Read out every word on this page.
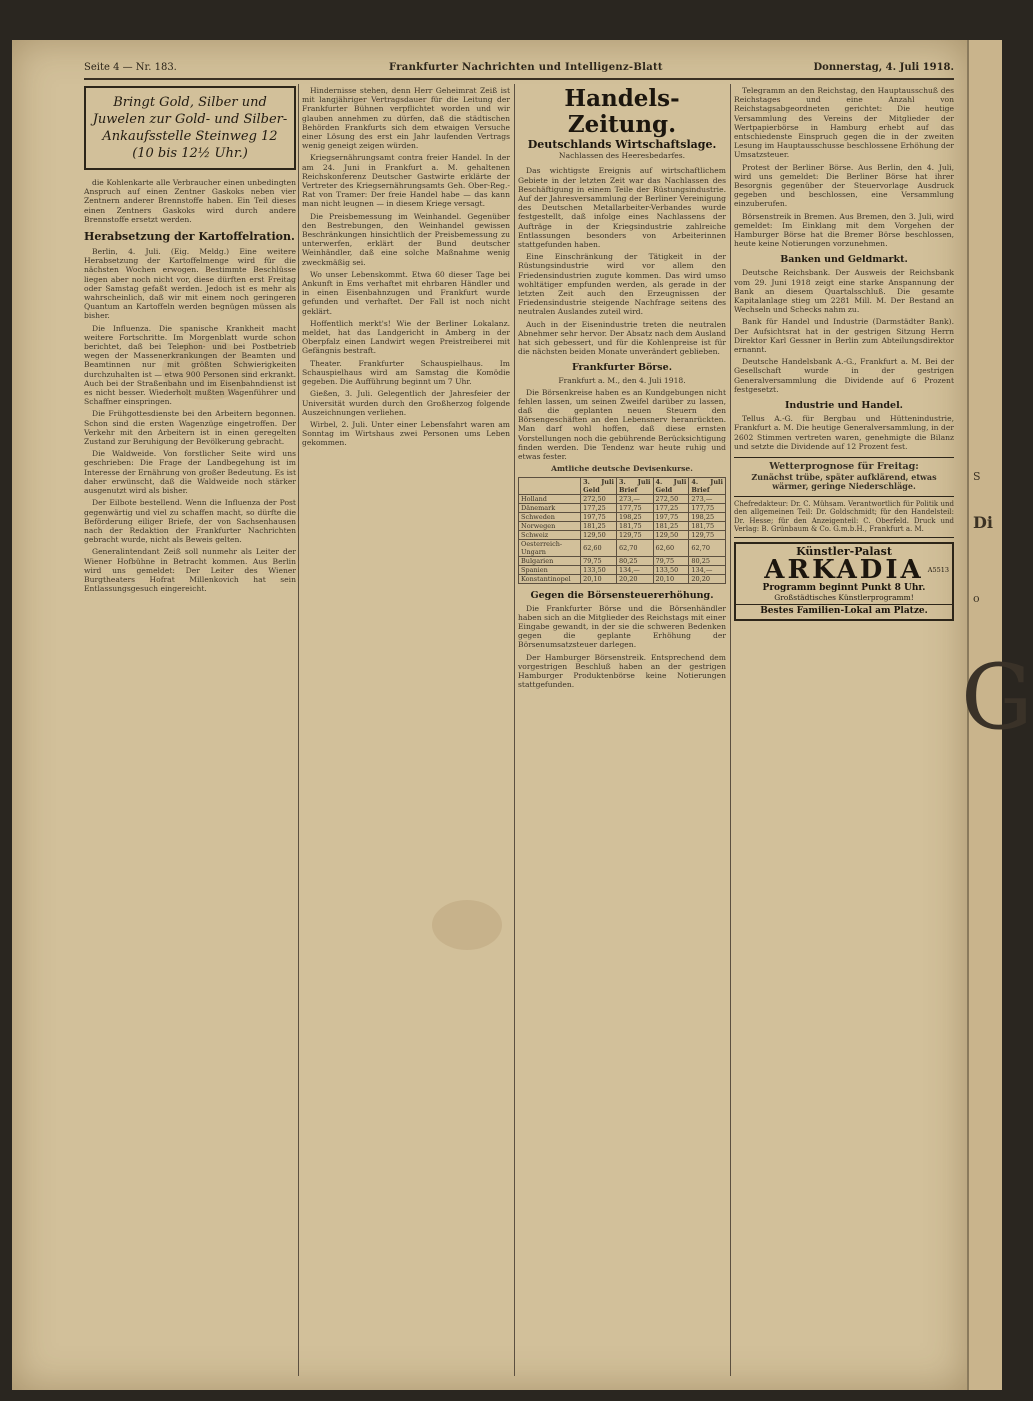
Seite 4 — Nr. 183.	Frankfurter Nachrichten und Intelligenz-Blatt	Donnerstag, 4. Juli 1918.
Bringt Gold, Silber und Juwelen zur Gold- und Silber-Ankaufsstelle Steinweg 12 (10 bis 12½ Uhr.)

die Kohlenkarte alle Verbraucher einen unbedingten Anspruch auf einen Zentner Gaskoks neben vier Zentnern anderer Brennstoffe haben. Ein Teil dieses einen Zentners Gaskoks wird durch andere Brennstoffe ersetzt werden.

Herabsetzung der Kartoffelration.

Berlin, 4. Juli. (Eig. Meldg.) Eine weitere Herabsetzung der Kartoffelmenge wird für die nächsten Wochen erwogen. Bestimmte Beschlüsse liegen aber noch nicht vor, diese dürften erst Freitag oder Samstag gefaßt werden. Jedoch ist es mehr als wahrscheinlich, daß wir mit einem noch geringeren Quantum an Kartoffeln werden begnügen müssen als bisher.

Die Influenza. Die spanische Krankheit macht weitere Fortschritte. Im Morgenblatt wurde schon berichtet, daß bei Telephon- und bei Postbetrieb wegen der Massenerkrankungen der Beamten und Beamtinnen nur mit größten Schwierigkeiten durchzuhalten ist — etwa 900 Personen sind erkrankt. Auch bei der Straßenbahn und im Eisenbahndienst ist es nicht besser. Wiederholt mußten Wagenführer und Schaffner einspringen.

Die Frühgottesdienste bei den Arbeitern begonnen. Schon sind die ersten Wagenzüge eingetroffen. Der Verkehr mit den Arbeitern ist in einen geregelten Zustand zur Beruhigung der Bevölkerung gebracht.

Die Waldweide. Von forstlicher Seite wird uns geschrieben: Die Frage der Landbegehung ist im Interesse der Ernährung von großer Bedeutung. Es ist daher erwünscht, daß die Waldweide noch stärker ausgenutzt wird als bisher.

Der Eilbote bestellend. Wenn die Influenza der Post gegenwärtig und viel zu schaffen macht, so dürfte die Beförderung eiliger Briefe, der von Sachsenhausen nach der Redaktion der Frankfurter Nachrichten gebracht wurde, nicht als Beweis gelten.

Generalintendant Zeiß soll nunmehr als Leiter der Wiener Hofbühne in Betracht kommen. Aus Berlin wird uns gemeldet: Der Leiter des Wiener Burgtheaters Hofrat Millenkovich hat sein Entlassungsgesuch eingereicht.

Hindernisse stehen, denn Herr Geheimrat Zeiß ist mit langjähriger Vertragsdauer für die Leitung der Frankfurter Bühnen verpflichtet worden und wir glauben annehmen zu dürfen, daß die städtischen Behörden Frankfurts sich dem etwaigen Versuche einer Lösung des erst ein Jahr laufenden Vertrags wenig geneigt zeigen würden.

Kriegsernährungsamt contra freier Handel. In der am 24. Juni in Frankfurt a. M. gehaltenen Reichskonferenz Deutscher Gastwirte erklärte der Vertreter des Kriegsernährungsamts Geh. Ober-Reg.-Rat von Tramer: Der freie Handel habe — das kann man nicht leugnen — in diesem Kriege versagt.

Die Preisbemessung im Weinhandel. Gegenüber den Bestrebungen, den Weinhandel gewissen Beschränkungen hinsichtlich der Preisbemessung zu unterwerfen, erklärt der Bund deutscher Weinhändler, daß eine solche Maßnahme wenig zweckmäßig sei.

Wo unser Lebenskommt. Etwa 60 dieser Tage bei Ankunft in Ems verhaftet mit ehrbaren Händler und in einen Eisenbahnzugen und Frankfurt wurde gefunden und verhaftet. Der Fall ist noch nicht geklärt.

Hoffentlich merkt's! Wie der Berliner Lokalanz. meldet, hat das Landgericht in Amberg in der Oberpfalz einen Landwirt wegen Preistreiberei mit Gefängnis bestraft.

Theater. Frankfurter Schauspielhaus. Im Schauspielhaus wird am Samstag die Komödie gegeben. Die Aufführung beginnt um 7 Uhr.

Gießen, 3. Juli. Gelegentlich der Jahresfeier der Universität wurden durch den Großherzog folgende Auszeichnungen verliehen.

Wirbel, 2. Juli. Unter einer Lebensfahrt waren am Sonntag im Wirtshaus zwei Personen ums Leben gekommen.

Handels-Zeitung.
Deutschlands Wirtschaftslage.
Nachlassen des Heeresbedarfes.

Das wichtigste Ereignis auf wirtschaftlichem Gebiete in der letzten Zeit war das Nachlassen des Beschäftigung in einem Teile der Rüstungsindustrie. Auf der Jahresversammlung der Berliner Vereinigung des Deutschen Metallarbeiter-Verbandes wurde festgestellt, daß infolge eines Nachlassens der Aufträge in der Kriegsindustrie zahlreiche Entlassungen besonders von Arbeiterinnen stattgefunden haben.

Eine Einschränkung der Tätigkeit in der Rüstungsindustrie wird vor allem den Friedensindustrien zugute kommen. Das wird umso wohltätiger empfunden werden, als gerade in der letzten Zeit auch den Erzeugnissen der Friedensindustrie steigende Nachfrage seitens des neutralen Auslandes zuteil wird.

Auch in der Eisenindustrie treten die neutralen Abnehmer sehr hervor. Der Absatz nach dem Ausland hat sich gebessert, und für die Kohlenpreise ist für die nächsten beiden Monate unverändert geblieben.

Frankfurter Börse.
Frankfurt a. M., den 4. Juli 1918.

Die Börsenkreise haben es an Kundgebungen nicht fehlen lassen, um seinen Zweifel darüber zu lassen, daß die geplanten neuen Steuern den Börsengeschäften an den Lebensnerv heranrückten. Man darf wohl hoffen, daß diese ernsten Vorstellungen noch die gebührende Berücksichtigung finden werden. Die Tendenz war heute ruhig und etwas fester.

Amtliche deutsche Devisenkurse.
	3. Juli Geld	3. Juli Brief	4. Juli Geld	4. Juli Brief
Holland	272,50	273,—	272,50	273,—
Dänemark	177,25	177,75	177,25	177,75
Schweden	197,75	198,25	197,75	198,25
Norwegen	181,25	181,75	181,25	181,75
Schweiz	129,50	129,75	129,50	129,75
Oesterreich-Ungarn	62,60	62,70	62,60	62,70
Bulgarien	79,75	80,25	79,75	80,25
Spanien	133,50	134,—	133,50	134,—
Konstantinopel	20,10	20,20	20,10	20,20
Gegen die Börsensteuererhöhung.

Die Frankfurter Börse und die Börsenhändler haben sich an die Mitglieder des Reichstags mit einer Eingabe gewandt, in der sie die schweren Bedenken gegen die geplante Erhöhung der Börsenumsatzsteuer darlegen.

Der Hamburger Börsenstreik. Entsprechend dem vorgestrigen Beschluß haben an der gestrigen Hamburger Produktenbörse keine Notierungen stattgefunden.

Telegramm an den Reichstag, den Hauptausschuß des Reichstages und eine Anzahl von Reichstagsabgeordneten gerichtet: Die heutige Versammlung des Vereins der Mitglieder der Wertpapierbörse in Hamburg erhebt auf das entschiedenste Einspruch gegen die in der zweiten Lesung im Hauptausschusse beschlossene Erhöhung der Umsatzsteuer.

Protest der Berliner Börse. Aus Berlin, den 4. Juli, wird uns gemeldet: Die Berliner Börse hat ihrer Besorgnis gegenüber der Steuervorlage Ausdruck gegeben und beschlossen, eine Versammlung einzuberufen.

Börsenstreik in Bremen. Aus Bremen, den 3. Juli, wird gemeldet: Im Einklang mit dem Vorgehen der Hamburger Börse hat die Bremer Börse beschlossen, heute keine Notierungen vorzunehmen.

Banken und Geldmarkt.

Deutsche Reichsbank. Der Ausweis der Reichsbank vom 29. Juni 1918 zeigt eine starke Anspannung der Bank an diesem Quartalsschluß. Die gesamte Kapitalanlage stieg um 2281 Mill. M. Der Bestand an Wechseln und Schecks nahm zu.

Bank für Handel und Industrie (Darmstädter Bank). Der Aufsichtsrat hat in der gestrigen Sitzung Herrn Direktor Karl Gessner in Berlin zum Abteilungsdirektor ernannt.

Deutsche Handelsbank A.-G., Frankfurt a. M. Bei der Gesellschaft wurde in der gestrigen Generalversammlung die Dividende auf 6 Prozent festgesetzt.

Industrie und Handel.

Tellus A.-G. für Bergbau und Hüttenindustrie, Frankfurt a. M. Die heutige Generalversammlung, in der 2602 Stimmen vertreten waren, genehmigte die Bilanz und setzte die Dividende auf 12 Prozent fest.

Wetterprognose für Freitag:
Zunächst trübe, später aufklärend, etwas wärmer, geringe Niederschläge.
Chefredakteur: Dr. C. Mühsam. Verantwortlich für Politik und den allgemeinen Teil: Dr. Goldschmidt; für den Handelsteil: Dr. Hesse; für den Anzeigenteil: C. Oberfeld. Druck und Verlag: B. Grünbaum & Co. G.m.b.H., Frankfurt a. M.
Künstler-Palast
ARKADIA A5513
Programm beginnt Punkt 8 Uhr.
Großstädtisches Künstlerprogramm!
Bestes Familien-Lokal am Platze.
S
Di
o
G
